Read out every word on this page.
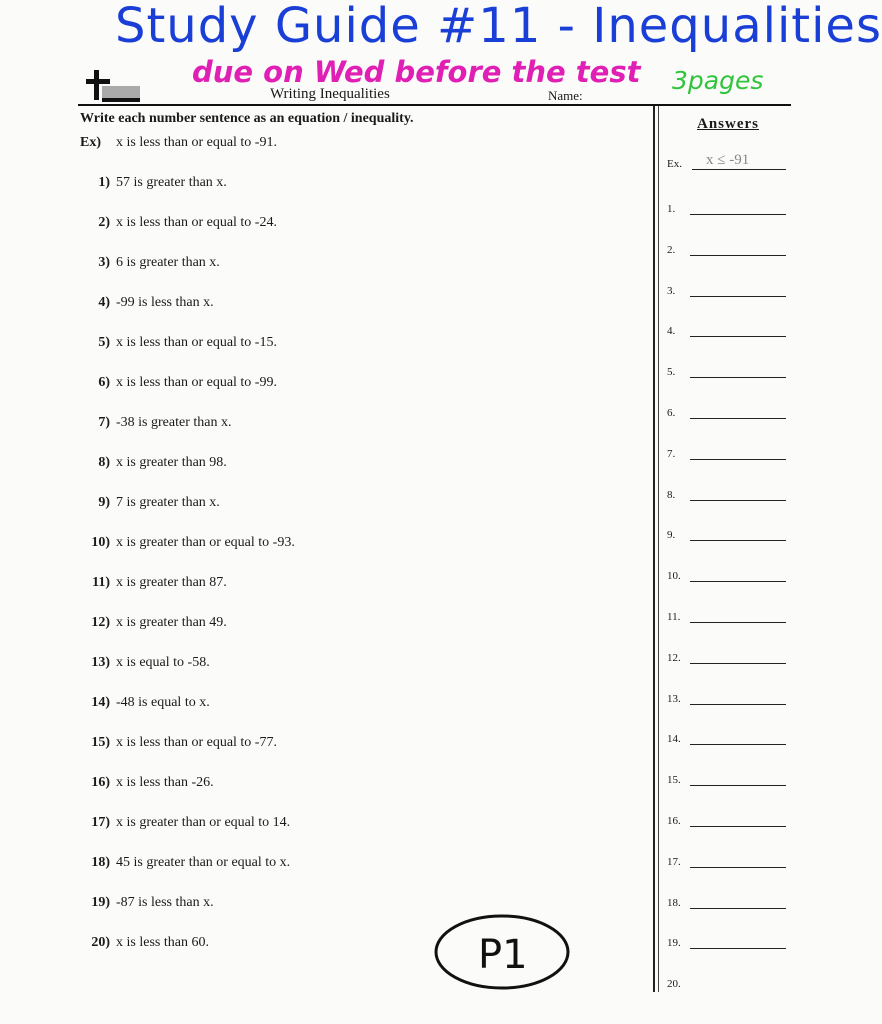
Study Guide #11 - Inequalities
due on Wed before the test 3pages
Writing Inequalities	Name:
Write each number sentence as an equation / inequality.	Answers
Ex) x is less than or equal to -91.
1) 57 is greater than x.
2) x is less than or equal to -24.
3) 6 is greater than x.
4) -99 is less than x.
5) x is less than or equal to -15.
6) x is less than or equal to -99.
7) -38 is greater than x.
8) x is greater than 98.
9) 7 is greater than x.
10) x is greater than or equal to -93.
11) x is greater than 87.
12) x is greater than 49.
13) x is equal to -58.
14) -48 is equal to x.
15) x is less than or equal to -77.
16) x is less than -26.
17) x is greater than or equal to 14.
18) 45 is greater than or equal to x.
19) -87 is less than x.
20) x is less than 60.
Ex. x ≤ -91
1.
2.
3.
4.
5.
6.
7.
8.
9.
10.
11.
12.
13.
14.
15.
16.
17.
18.
19.
20.
P1
